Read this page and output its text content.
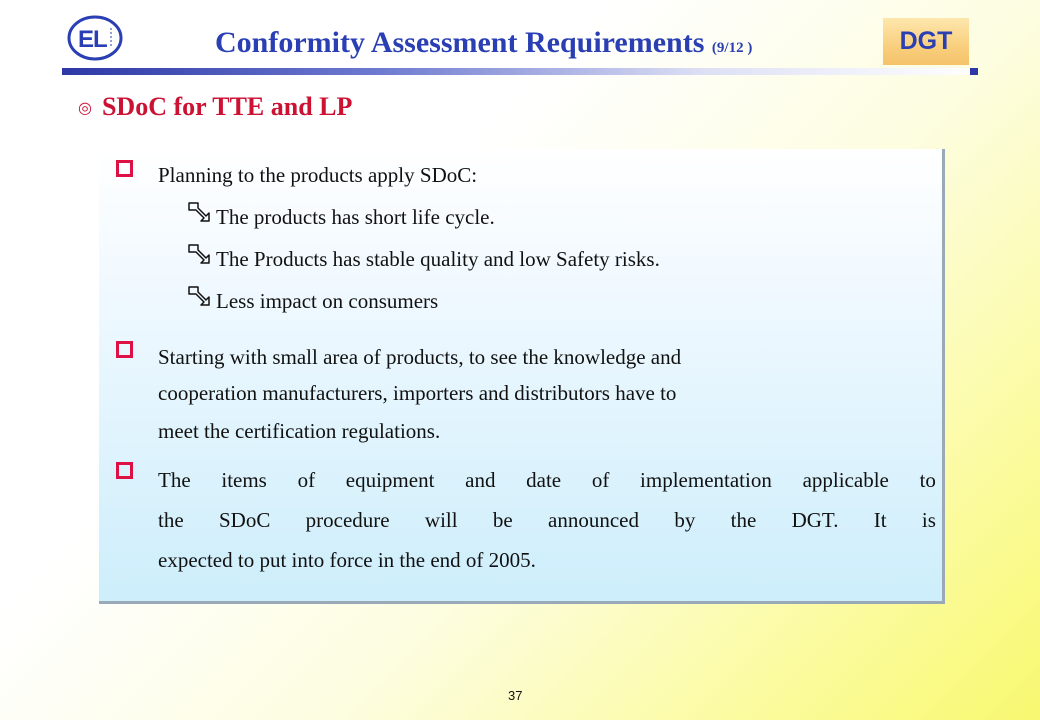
E
L	Conformity Assessment Requirements (9/12 )	DGT
◎ SDoC for TTE and LP
Planning to the products apply SDoC:
The products has short life cycle.
The Products has stable quality and low Safety risks.
Less impact on consumers
Starting with small area of products, to see the knowledge and
cooperation manufacturers, importers and distributors have to
meet the certification regulations.
The items of equipment and date of implementation applicable to
the SDoC procedure will be announced by the DGT. It is
expected to put into force in the end of 2005.
37
